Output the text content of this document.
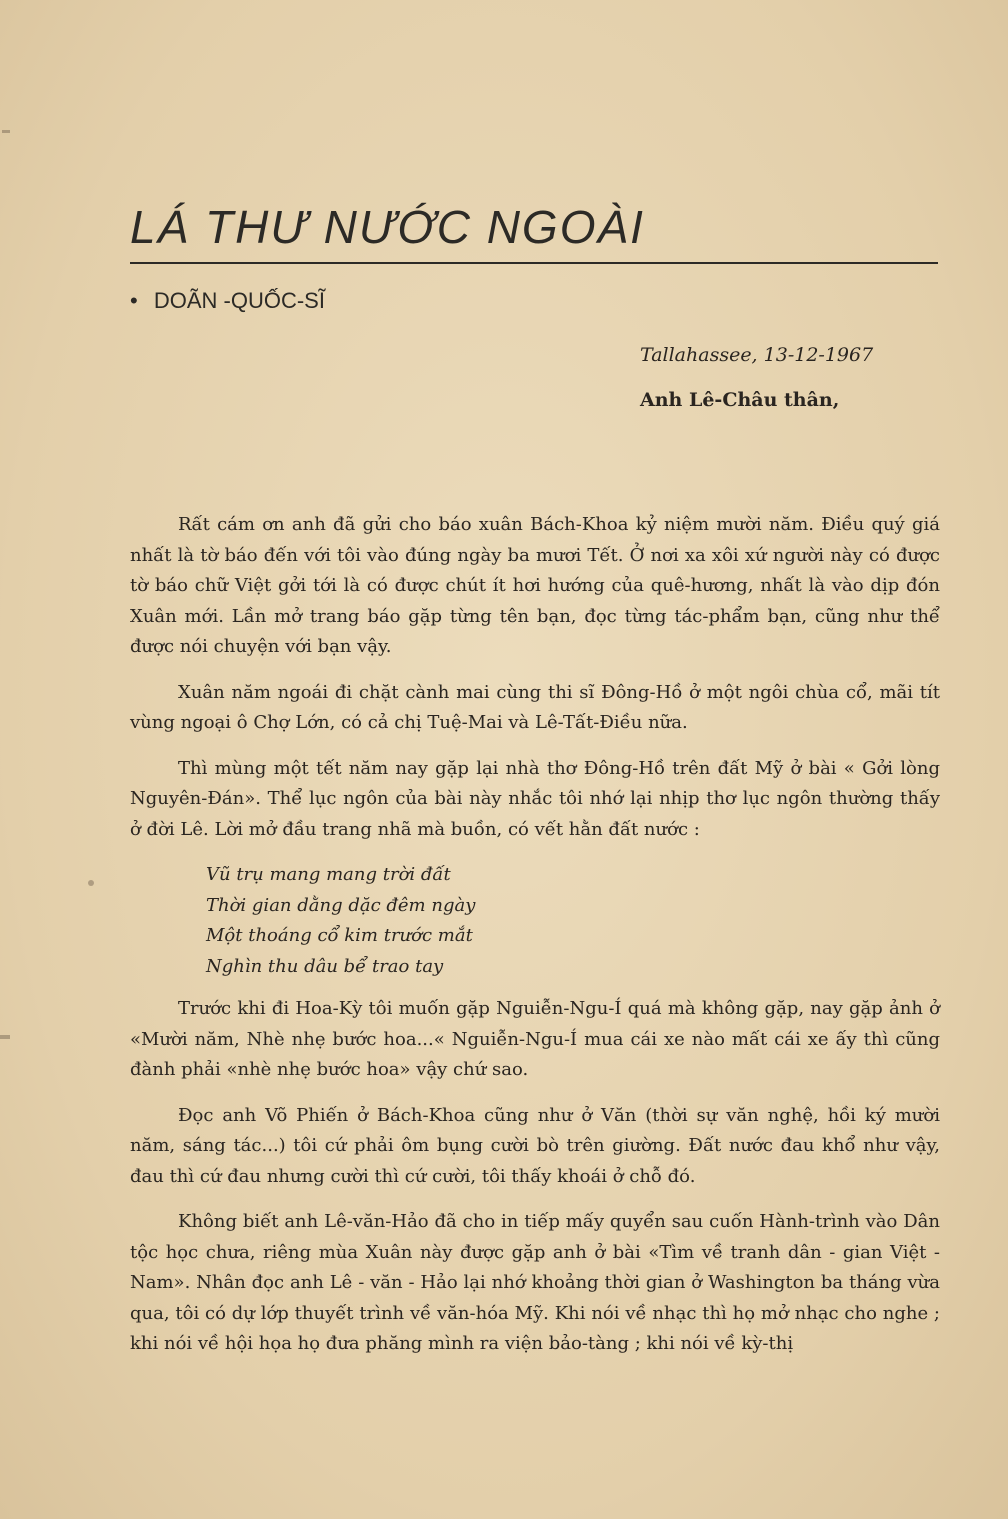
LÁ THƯ NƯỚC NGOÀI
• DOÃN -QUỐC-SĨ
Tallahassee, 13-12-1967
Anh Lê-Châu thân,

Rất cám ơn anh đã gửi cho báo xuân Bách-Khoa kỷ niệm mười năm. Điều quý giá nhất là tờ báo đến với tôi vào đúng ngày ba mươi Tết. Ở nơi xa xôi xứ người này có được tờ báo chữ Việt gởi tới là có được chút ít hơi hướng của quê-hương, nhất là vào dịp đón Xuân mới. Lần mở trang báo gặp từng tên bạn, đọc từng tác-phẩm bạn, cũng như thể được nói chuyện với bạn vậy.

Xuân năm ngoái đi chặt cành mai cùng thi sĩ Đông-Hồ ở một ngôi chùa cổ, mãi tít vùng ngoại ô Chợ Lớn, có cả chị Tuệ-Mai và Lê-Tất-Điều nữa.

Thì mùng một tết năm nay gặp lại nhà thơ Đông-Hồ trên đất Mỹ ở bài « Gởi lòng Nguyên-Đán». Thể lục ngôn của bài này nhắc tôi nhớ lại nhịp thơ lục ngôn thường thấy ở đời Lê. Lời mở đầu trang nhã mà buồn, có vết hằn đất nước :

Vũ trụ mang mang trời đất
Thời gian dằng dặc đêm ngày
Một thoáng cổ kim trước mắt
Nghìn thu dâu bể trao tay

Trước khi đi Hoa-Kỳ tôi muốn gặp Nguiễn-Ngu-Í quá mà không gặp, nay gặp ảnh ở «Mười năm, Nhè nhẹ bước hoa...« Nguiễn-Ngu-Í mua cái xe nào mất cái xe ấy thì cũng đành phải «nhè nhẹ bước hoa» vậy chứ sao.

Đọc anh Võ Phiến ở Bách-Khoa cũng như ở Văn (thời sự văn nghệ, hồi ký mười năm, sáng tác...) tôi cứ phải ôm bụng cười bò trên giường. Đất nước đau khổ như vậy, đau thì cứ đau nhưng cười thì cứ cười, tôi thấy khoái ở chỗ đó.

Không biết anh Lê-văn-Hảo đã cho in tiếp mấy quyển sau cuốn Hành-trình vào Dân tộc học chưa, riêng mùa Xuân này được gặp anh ở bài «Tìm về tranh dân - gian Việt - Nam». Nhân đọc anh Lê - văn - Hảo lại nhớ khoảng thời gian ở Washington ba tháng vừa qua, tôi có dự lớp thuyết trình về văn-hóa Mỹ. Khi nói về nhạc thì họ mở nhạc cho nghe ; khi nói về hội họa họ đưa phăng mình ra viện bảo-tàng ; khi nói về kỳ-thị
